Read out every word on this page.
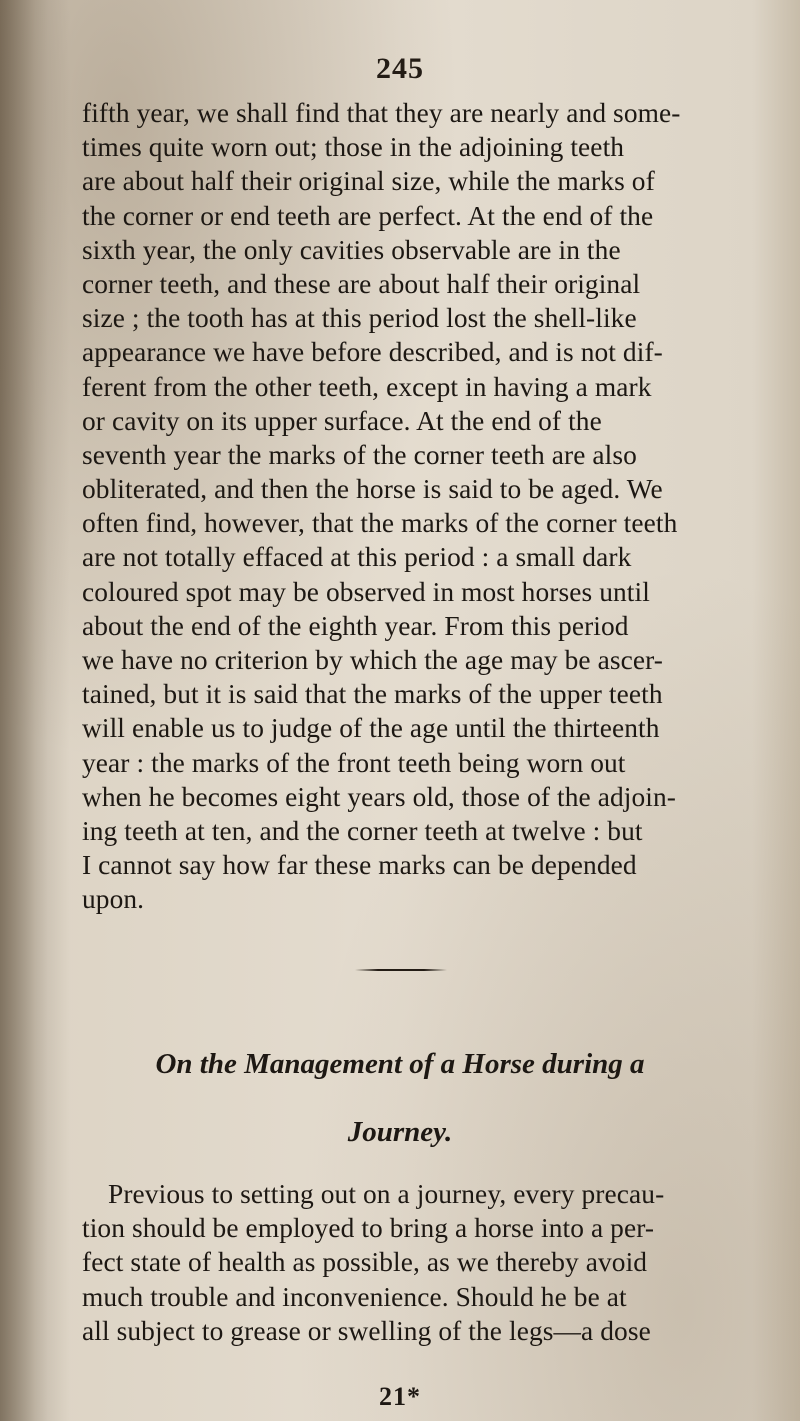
245
fifth year, we shall find that they are nearly and some-
times quite worn out; those in the adjoining teeth
are about half their original size, while the marks of
the corner or end teeth are perfect. At the end of the
sixth year, the only cavities observable are in the
corner teeth, and these are about half their original
size ; the tooth has at this period lost the shell-like
appearance we have before described, and is not dif-
ferent from the other teeth, except in having a mark
or cavity on its upper surface. At the end of the
seventh year the marks of the corner teeth are also
obliterated, and then the horse is said to be aged. We
often find, however, that the marks of the corner teeth
are not totally effaced at this period : a small dark
coloured spot may be observed in most horses until
about the end of the eighth year. From this period
we have no criterion by which the age may be ascer-
tained, but it is said that the marks of the upper teeth
will enable us to judge of the age until the thirteenth
year : the marks of the front teeth being worn out
when he becomes eight years old, those of the adjoin-
ing teeth at ten, and the corner teeth at twelve : but
I cannot say how far these marks can be depended
upon.
On the Management of a Horse during a
Journey.
Previous to setting out on a journey, every precau-
tion should be employed to bring a horse into a per-
fect state of health as possible, as we thereby avoid
much trouble and inconvenience. Should he be at
all subject to grease or swelling of the legs—a dose
21*
